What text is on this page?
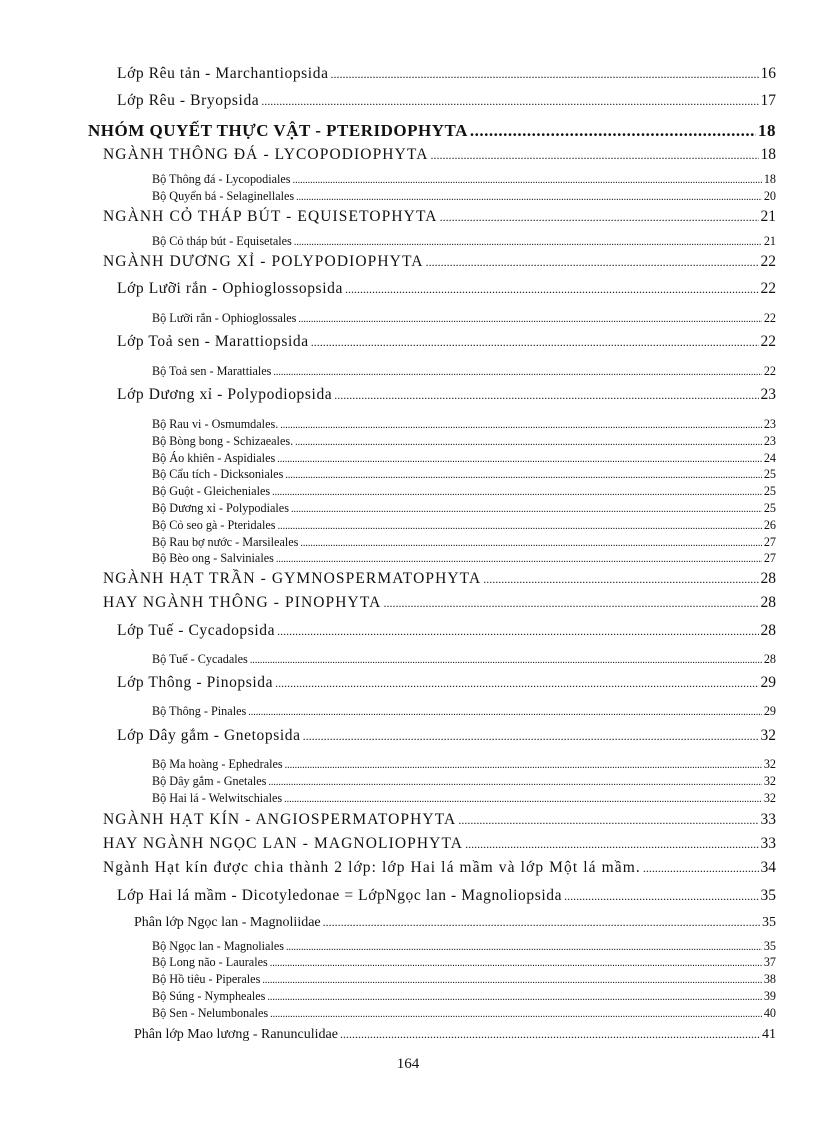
Lớp Rêu tản - Marchantiopsida .....	16
Lớp Rêu - Bryopsida .....	17
NHÓM QUYẾT THỰC VẬT - PTERIDOPHYTA .....	18
NGÀNH THÔNG ĐÁ - LYCOPODIOPHYTA .....	18
Bộ Thông đá - Lycopodiales .....	18
Bộ Quyển bá - Selaginellales .....	20
NGÀNH CỎ THÁP BÚT - EQUISETOPHYTA .....	21
Bộ Cỏ tháp bút - Equisetales .....	21
NGÀNH DƯƠNG XỈ - POLYPODIOPHYTA .....	22
Lớp Lưỡi rắn - Ophioglossopsida .....	22
Bộ Lưỡi rắn - Ophioglossales .....	22
Lớp Toả sen - Marattiopsida .....	22
Bộ Toả sen - Marattiales .....	22
Lớp Dương xỉ - Polypodiopsida .....	23
Bộ Rau vi - Osmumdales. .....	23
Bộ Bòng bong - Schizaeales. .....	23
Bộ Áo khiên - Aspidiales .....	24
Bộ Cẩu tích - Dicksoniales .....	25
Bộ Guột - Gleicheniales .....	25
Bộ Dương xỉ - Polypodiales .....	25
Bộ Cỏ seo gà - Pteridales .....	26
Bộ Rau bợ nước - Marsileales .....	27
Bộ Bèo ong - Salviniales .....	27
NGÀNH HẠT TRẦN - GYMNOSPERMATOPHYTA .....	28
HAY NGÀNH THÔNG - PINOPHYTA .....	28
Lớp Tuế - Cycadopsida .....	28
Bộ Tuế - Cycadales .....	28
Lớp Thông - Pinopsida .....	29
Bộ Thông - Pinales .....	29
Lớp Dây gắm - Gnetopsida .....	32
Bộ Ma hoàng - Ephedrales .....	32
Bộ Dây gắm - Gnetales .....	32
Bộ Hai lá - Welwitschiales .....	32
NGÀNH HẠT KÍN - ANGIOSPERMATOPHYTA .....	33
HAY NGÀNH NGỌC LAN - MAGNOLIOPHYTA .....	33
Ngành Hạt kín được chia thành 2 lớp: lớp Hai lá mầm và lớp Một lá mầm. .....	34
Lớp Hai lá mầm - Dicotyledonae = LớpNgọc lan - Magnoliopsida .....	35
Phân lớp Ngọc lan - Magnoliidae .....	35
Bộ Ngọc lan - Magnoliales .....	35
Bộ Long não - Laurales .....	37
Bộ Hồ tiêu - Piperales .....	38
Bộ Súng - Nympheales .....	39
Bộ Sen - Nelumbonales .....	40
Phân lớp Mao lương - Ranunculidae .....	41
164
